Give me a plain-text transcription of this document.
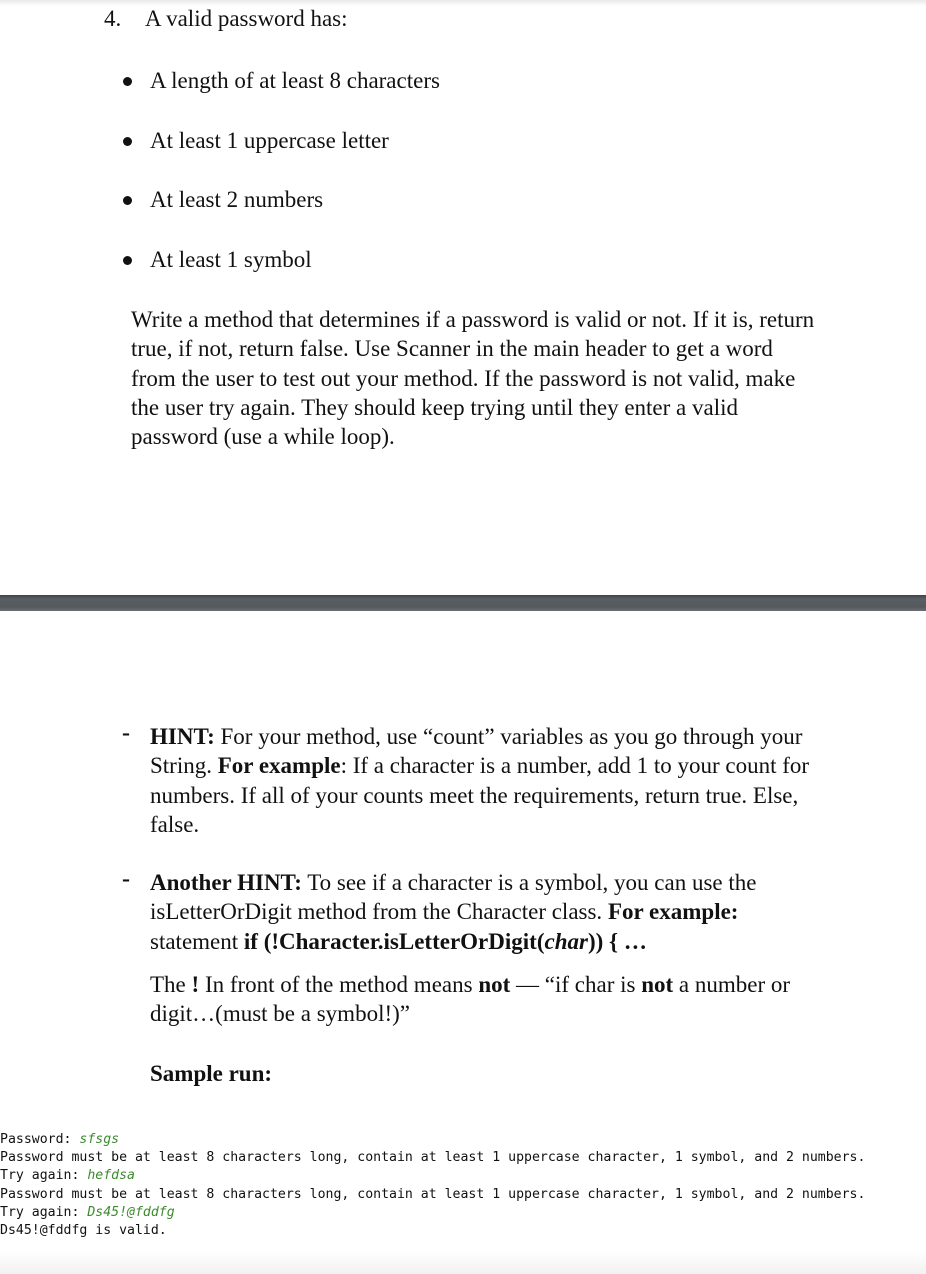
4. A valid password has:
A length of at least 8 characters
At least 1 uppercase letter
At least 2 numbers
At least 1 symbol

Write a method that determines if a password is valid or not. If it is, return true, if not, return false. Use Scanner in the main header to get a word from the user to test out your method. If the password is not valid, make the user try again. They should keep trying until they enter a valid password (use a while loop).

- HINT: For your method, use “count” variables as you go through your String. For example: If a character is a number, add 1 to your count for numbers. If all of your counts meet the requirements, return true. Else, false.

- Another HINT: To see if a character is a symbol, you can use the isLetterOrDigit method from the Character class. For example: statement if (!Character.isLetterOrDigit(char)) { …

The ! In front of the method means not — “if char is not a number or digit…(must be a symbol!)”

Sample run:

Password: sfsgs
Password must be at least 8 characters long, contain at least 1 uppercase character, 1 symbol, and 2 numbers.
Try again: hefdsa
Password must be at least 8 characters long, contain at least 1 uppercase character, 1 symbol, and 2 numbers.
Try again: Ds45!@fddfg
Ds45!@fddfg is valid.
